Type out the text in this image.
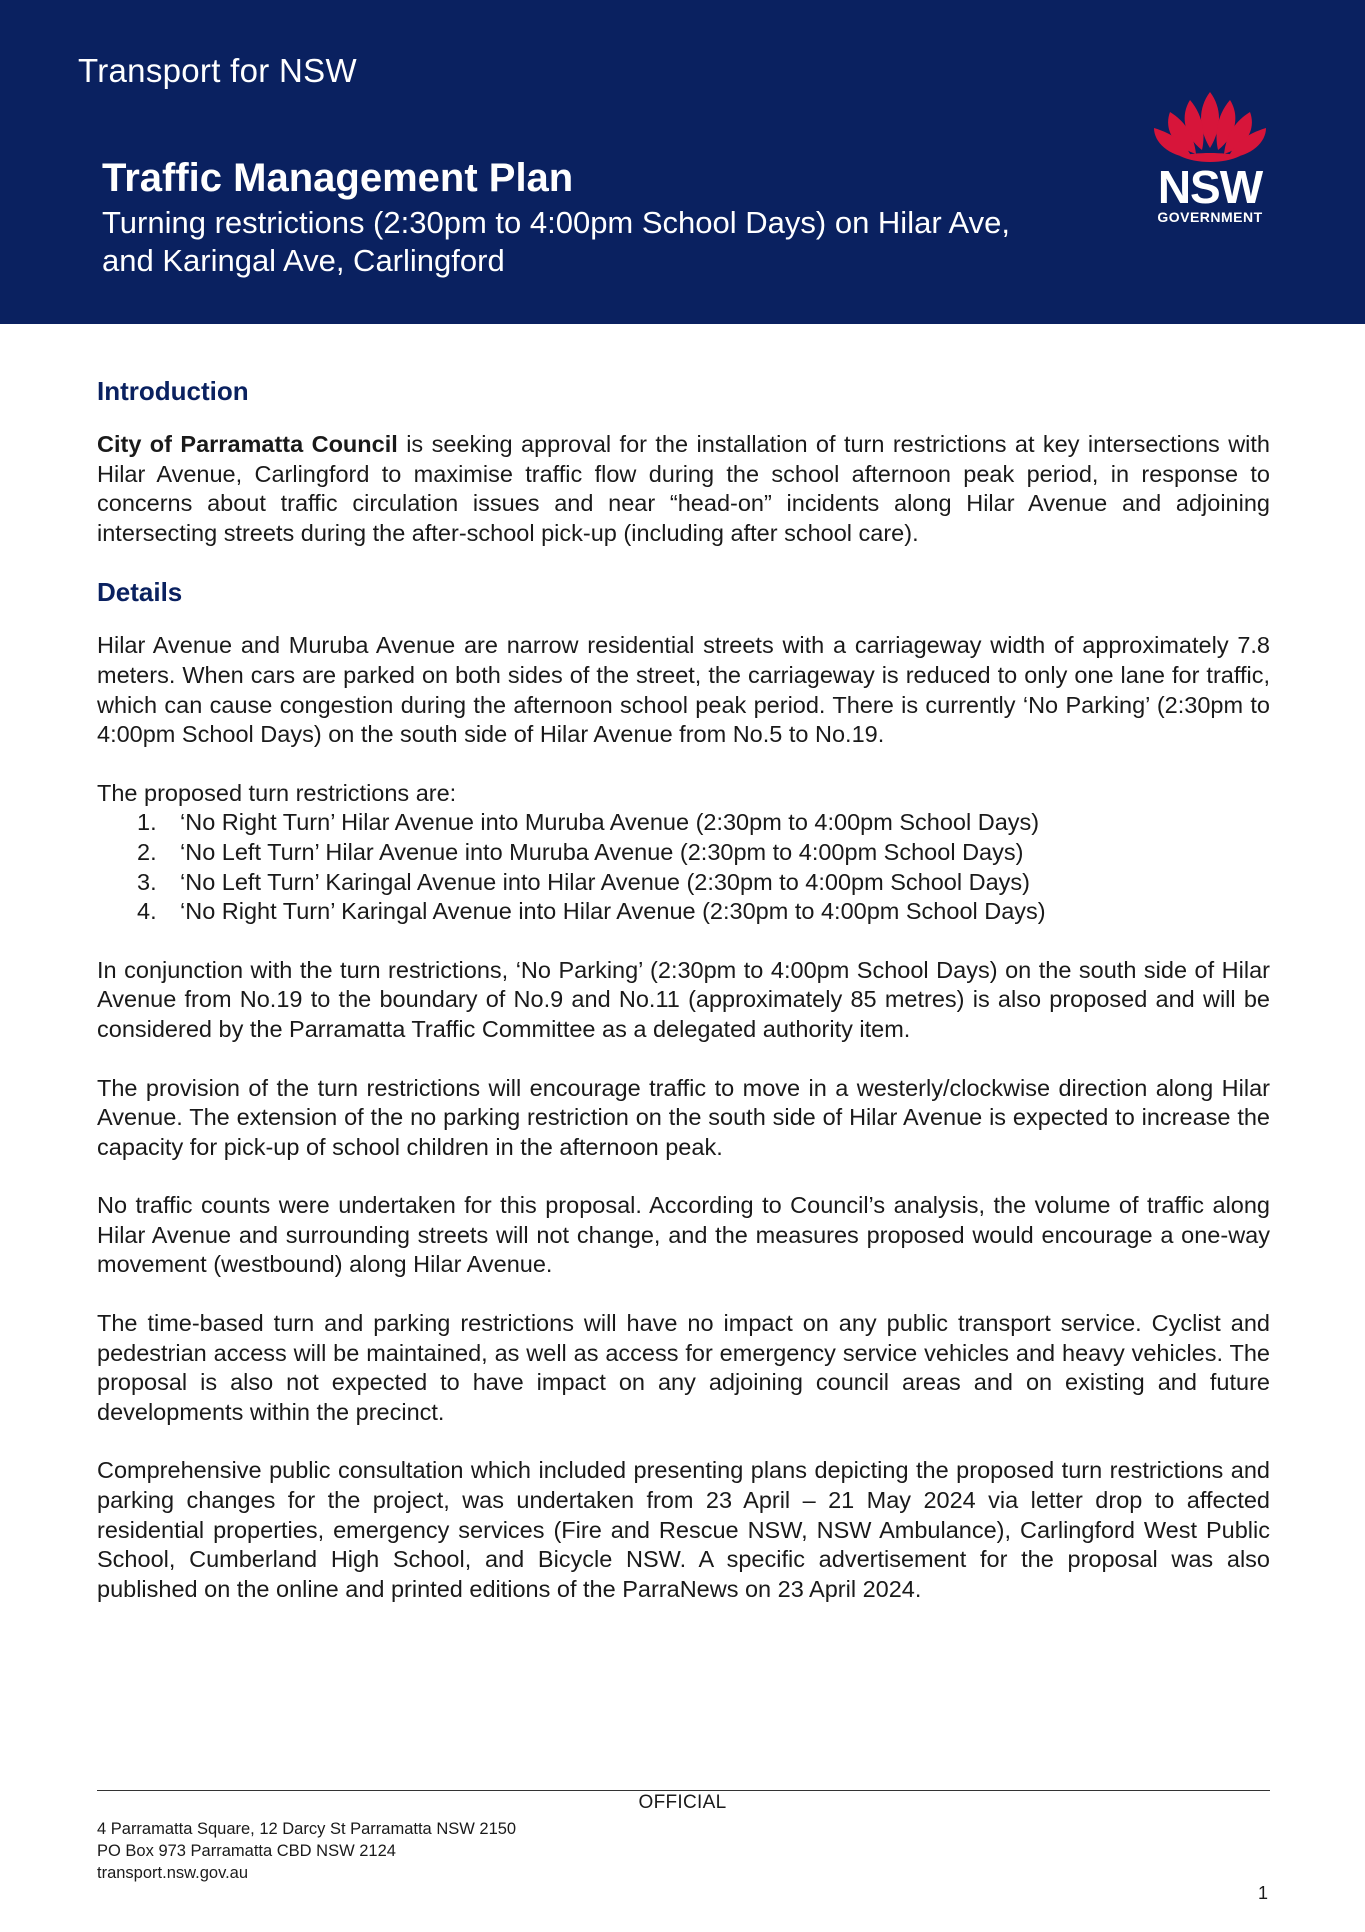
Transport for NSW
Traffic Management Plan
Turning restrictions (2:30pm to 4:00pm School Days) on Hilar Ave,
and Karingal Ave, Carlingford
NSW
GOVERNMENT
Introduction

City of Parramatta Council is seeking approval for the installation of turn restrictions at key intersections with Hilar Avenue, Carlingford to maximise traffic flow during the school afternoon peak period, in response to concerns about traffic circulation issues and near “head-on” incidents along Hilar Avenue and adjoining intersecting streets during the after-school pick-up (including after school care).

Details

Hilar Avenue and Muruba Avenue are narrow residential streets with a carriageway width of approximately 7.8 meters. When cars are parked on both sides of the street, the carriageway is reduced to only one lane for traffic, which can cause congestion during the afternoon school peak period. There is currently ‘No Parking’ (2:30pm to 4:00pm School Days) on the south side of Hilar Avenue from No.5 to No.19.

The proposed turn restrictions are:

1. ‘No Right Turn’ Hilar Avenue into Muruba Avenue (2:30pm to 4:00pm School Days)
2. ‘No Left Turn’ Hilar Avenue into Muruba Avenue (2:30pm to 4:00pm School Days)
3. ‘No Left Turn’ Karingal Avenue into Hilar Avenue (2:30pm to 4:00pm School Days)
4. ‘No Right Turn’ Karingal Avenue into Hilar Avenue (2:30pm to 4:00pm School Days)

In conjunction with the turn restrictions, ‘No Parking’ (2:30pm to 4:00pm School Days) on the south side of Hilar Avenue from No.19 to the boundary of No.9 and No.11 (approximately 85 metres) is also proposed and will be considered by the Parramatta Traffic Committee as a delegated authority item.

The provision of the turn restrictions will encourage traffic to move in a westerly/clockwise direction along Hilar Avenue. The extension of the no parking restriction on the south side of Hilar Avenue is expected to increase the capacity for pick-up of school children in the afternoon peak.

No traffic counts were undertaken for this proposal. According to Council’s analysis, the volume of traffic along Hilar Avenue and surrounding streets will not change, and the measures proposed would encourage a one-way movement (westbound) along Hilar Avenue.

The time-based turn and parking restrictions will have no impact on any public transport service. Cyclist and pedestrian access will be maintained, as well as access for emergency service vehicles and heavy vehicles. The proposal is also not expected to have impact on any adjoining council areas and on existing and future developments within the precinct.

Comprehensive public consultation which included presenting plans depicting the proposed turn restrictions and parking changes for the project, was undertaken from 23 April – 21 May 2024 via letter drop to affected residential properties, emergency services (Fire and Rescue NSW, NSW Ambulance), Carlingford West Public School, Cumberland High School, and Bicycle NSW. A specific advertisement for the proposal was also published on the online and printed editions of the ParraNews on 23 April 2024.

OFFICIAL
4 Parramatta Square, 12 Darcy St Parramatta NSW 2150
PO Box 973 Parramatta CBD NSW 2124
transport.nsw.gov.au
1
